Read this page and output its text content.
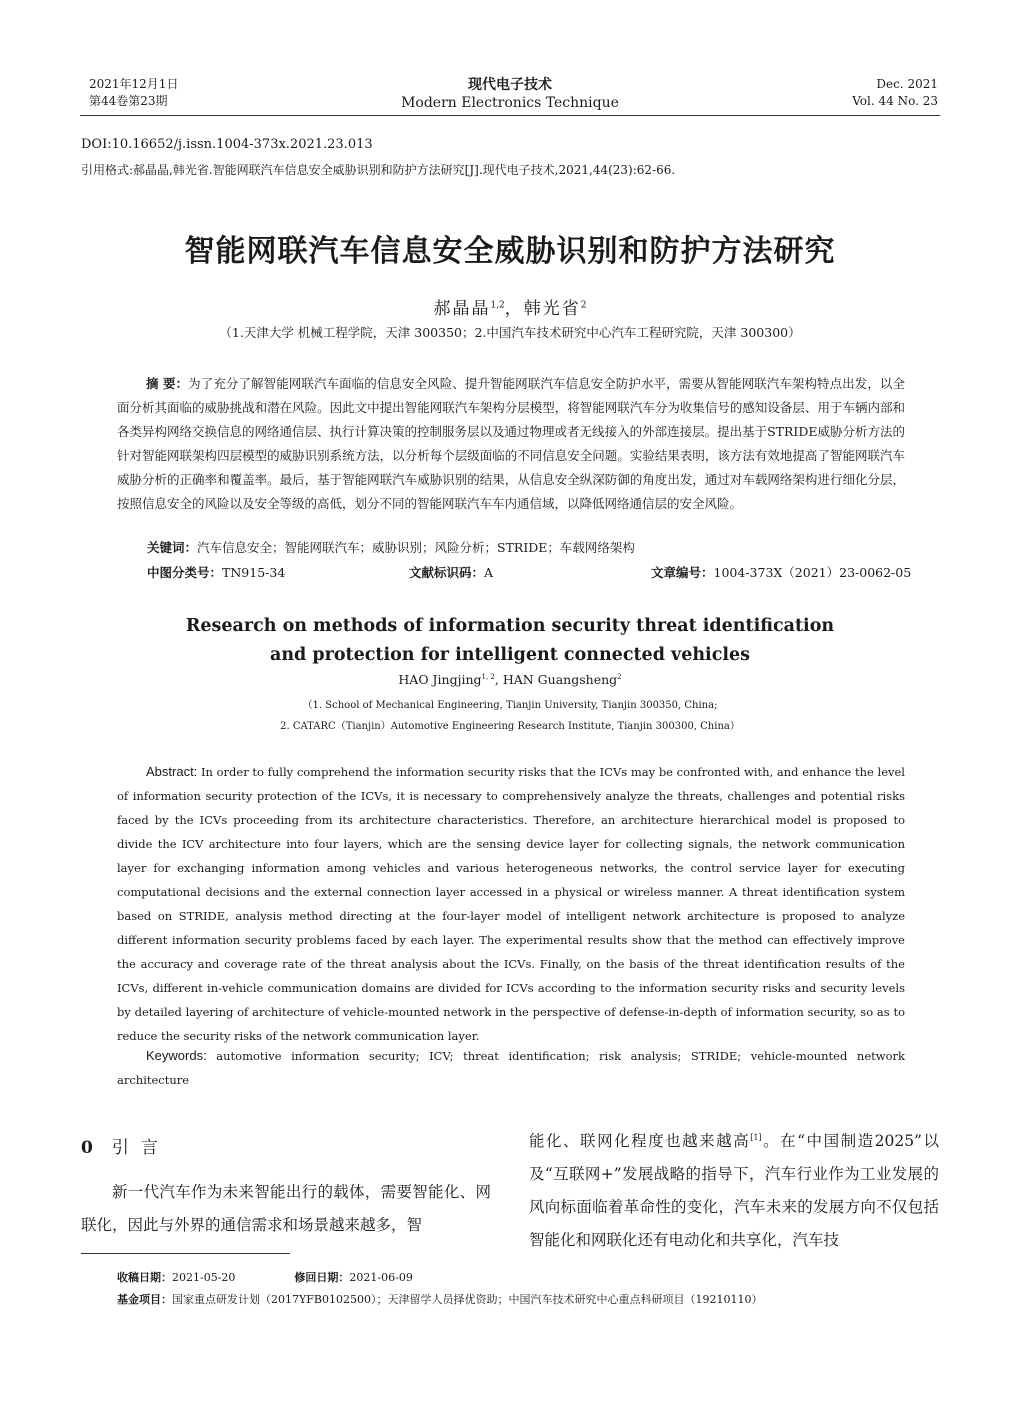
2021年12月1日
第44卷第23期
现代电子技术
Modern Electronics Technique
Dec. 2021
Vol. 44 No. 23
DOI:10.16652/j.issn.1004-373x.2021.23.013
引用格式:郝晶晶,韩光省.智能网联汽车信息安全威胁识别和防护方法研究[J].现代电子技术,2021,44(23):62-66.
智能网联汽车信息安全威胁识别和防护方法研究
郝晶晶$^{1,2}$，韩光省$^2$
（1.天津大学 机械工程学院，天津 300350；2.中国汽车技术研究中心汽车工程研究院，天津 300300）
摘 要：为了充分了解智能网联汽车面临的信息安全风险、提升智能网联汽车信息安全防护水平，需要从智能网联汽车架构特点出发，以全面分析其面临的威胁挑战和潜在风险。因此文中提出智能网联汽车架构分层模型，将智能网联汽车分为收集信号的感知设备层、用于车辆内部和各类异构网络交换信息的网络通信层、执行计算决策的控制服务层以及通过物理或者无线接入的外部连接层。提出基于STRIDE威胁分析方法的针对智能网联架构四层模型的威胁识别系统方法，以分析每个层级面临的不同信息安全问题。实验结果表明，该方法有效地提高了智能网联汽车威胁分析的正确率和覆盖率。最后，基于智能网联汽车威胁识别的结果，从信息安全纵深防御的角度出发，通过对车载网络架构进行细化分层，按照信息安全的风险以及安全等级的高低，划分不同的智能网联汽车车内通信域，以降低网络通信层的安全风险。
关键词：汽车信息安全；智能网联汽车；威胁识别；风险分析；STRIDE；车载网络架构
中图分类号：TN915-34	文献标识码：A	文章编号：1004-373X（2021）23-0062-05
Research on methods of information security threat identification
and protection for intelligent connected vehicles
HAO Jingjing$^{1, 2}$, HAN Guangsheng$^2$
（1. School of Mechanical Engineering, Tianjin University, Tianjin 300350, China;
2. CATARC（Tianjin）Automotive Engineering Research Institute, Tianjin 300300, China）
Abstract: In order to fully comprehend the information security risks that the ICVs may be confronted with, and enhance the level of information security protection of the ICVs, it is necessary to comprehensively analyze the threats, challenges and potential risks faced by the ICVs proceeding from its architecture characteristics. Therefore, an architecture hierarchical model is proposed to divide the ICV architecture into four layers, which are the sensing device layer for collecting signals, the network communication layer for exchanging information among vehicles and various heterogeneous networks, the control service layer for executing computational decisions and the external connection layer accessed in a physical or wireless manner. A threat identification system based on STRIDE, analysis method directing at the four-layer model of intelligent network architecture is proposed to analyze different information security problems faced by each layer. The experimental results show that the method can effectively improve the accuracy and coverage rate of the threat analysis about the ICVs. Finally, on the basis of the threat identification results of the ICVs, different in-vehicle communication domains are divided for ICVs according to the information security risks and security levels by detailed layering of architecture of vehicle-mounted network in the perspective of defense-in-depth of information security, so as to reduce the security risks of the network communication layer.
Keywords: automotive information security; ICV; threat identification; risk analysis; STRIDE; vehicle-mounted network architecture
0 引言
新一代汽车作为未来智能出行的载体，需要智能化、网联化，因此与外界的通信需求和场景越来越多，智
能化、联网化程度也越来越高[1]。在“中国制造2025”以及“互联网+”发展战略的指导下，汽车行业作为工业发展的风向标面临着革命性的变化，汽车未来的发展方向不仅包括智能化和网联化还有电动化和共享化，汽车技
收稿日期：2021-05-20	修回日期：2021-06-09
基金项目：国家重点研发计划（2017YFB0102500）；天津留学人员择优资助；中国汽车技术研究中心重点科研项目（19210110）
